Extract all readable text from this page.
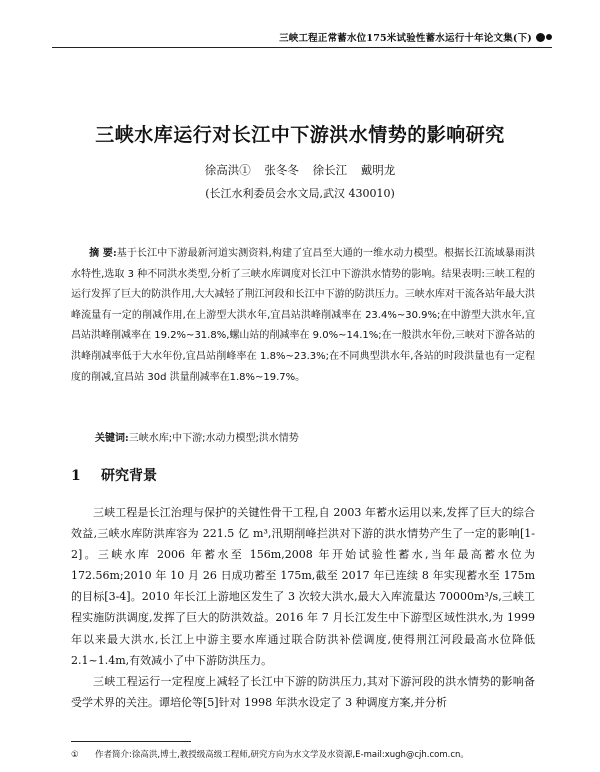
三峡工程正常蓄水位175米试验性蓄水运行十年论文集(下)
三峡水库运行对长江中下游洪水情势的影响研究
徐高洪① 张冬冬 徐长江 戴明龙
(长江水利委员会水文局,武汉 430010)
摘 要:基于长江中下游最新河道实测资料,构建了宜昌至大通的一维水动力模型。根据长江流域暴雨洪水特性,选取 3 种不同洪水类型,分析了三峡水库调度对长江中下游洪水情势的影响。结果表明:三峡工程的运行发挥了巨大的防洪作用,大大减轻了荆江河段和长江中下游的防洪压力。三峡水库对干流各站年最大洪峰流量有一定的削减作用,在上游型大洪水年,宜昌站洪峰削减率在 23.4%~30.9%;在中游型大洪水年,宜昌站洪峰削减率在 19.2%~31.8%,螺山站的削减率在 9.0%~14.1%;在一般洪水年份,三峡对下游各站的洪峰削减率低于大水年份,宜昌站削峰率在 1.8%~23.3%;在不同典型洪水年,各站的时段洪量也有一定程度的削减,宜昌站 30d 洪量削减率在1.8%~19.7%。
关键词:三峡水库;中下游;水动力模型;洪水情势
1 研究背景

三峡工程是长江治理与保护的关键性骨干工程,自 2003 年蓄水运用以来,发挥了巨大的综合效益,三峡水库防洪库容为 221.5 亿 m³,汛期削峰拦洪对下游的洪水情势产生了一定的影响[1-2]。三峡水库 2006 年蓄水至 156m,2008 年开始试验性蓄水,当年最高蓄水位为 172.56m;2010 年 10 月 26 日成功蓄至 175m,截至 2017 年已连续 8 年实现蓄水至 175m 的目标[3-4]。2010 年长江上游地区发生了 3 次较大洪水,最大入库流量达 70000m³/s,三峡工程实施防洪调度,发挥了巨大的防洪效益。2016 年 7 月长江发生中下游型区域性洪水,为 1999 年以来最大洪水,长江上中游主要水库通过联合防洪补偿调度,使得荆江河段最高水位降低 2.1~1.4m,有效减小了中下游防洪压力。

三峡工程运行一定程度上减轻了长江中下游的防洪压力,其对下游河段的洪水情势的影响备受学术界的关注。谭培伦等[5]针对 1998 年洪水设定了 3 种调度方案,并分析

① 作者简介:徐高洪,博士,教授级高级工程师,研究方向为水文学及水资源,E-mail:xugh@cjh.com.cn。
